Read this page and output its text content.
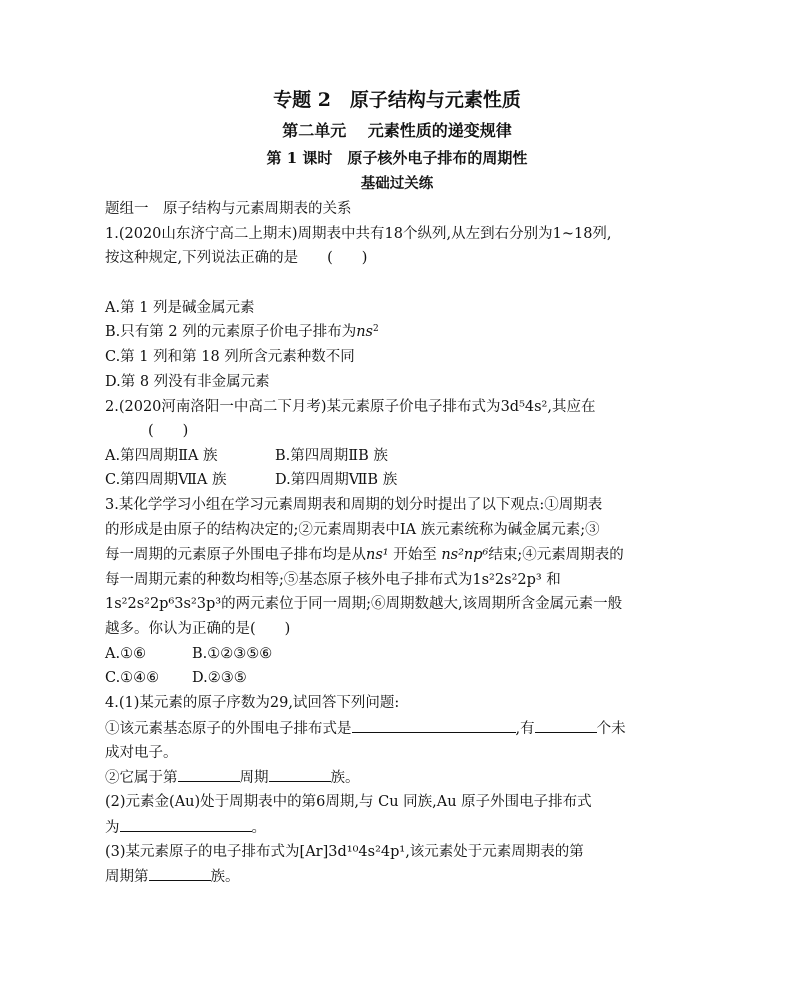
专题 2　原子结构与元素性质
第二单元　 元素性质的递变规律
第 1 课时　原子核外电子排布的周期性
基础过关练
题组一　原子结构与元素周期表的关系
1.(2020山东济宁高二上期末)周期表中共有18个纵列,从左到右分别为1~18列,
按这种规定,下列说法正确的是　　(　　)
A.第 1 列是碱金属元素
B.只有第 2 列的元素原子价电子排布为$ns^2$
C.第 1 列和第 18 列所含元素种数不同
D.第 8 列没有非金属元素
2.(2020河南洛阳一中高二下月考)某元素原子价电子排布式为3d⁵4s²,其应在
(　　)
A.第四周期ⅡA 族	B.第四周期ⅡB 族
C.第四周期ⅦA 族	D.第四周期ⅦB 族
3.某化学学习小组在学习元素周期表和周期的划分时提出了以下观点:①周期表
的形成是由原子的结构决定的;②元素周期表中ⅠA 族元素统称为碱金属元素;③
每一周期的元素原子外围电子排布均是从ns¹ 开始至 ns²np⁶结束;④元素周期表的
每一周期元素的种数均相等;⑤基态原子核外电子排布式为1s²2s²2p³ 和
1s²2s²2p⁶3s²3p³的两元素位于同一周期;⑥周期数越大,该周期所含金属元素一般
越多。你认为正确的是(　　)
A.①⑥	B.①②③⑤⑥
C.①④⑥ D.②③⑤
4.(1)某元素的原子序数为29,试回答下列问题:
①该元素基态原子的外围电子排布式是	,有	个未
成对电子。
②它属于第	周期	族。
(2)元素金(Au)处于周期表中的第6周期,与 Cu 同族,Au 原子外围电子排布式
为	。
(3)某元素原子的电子排布式为[Ar]3d¹⁰4s²4p¹,该元素处于元素周期表的第
周期第	族。
